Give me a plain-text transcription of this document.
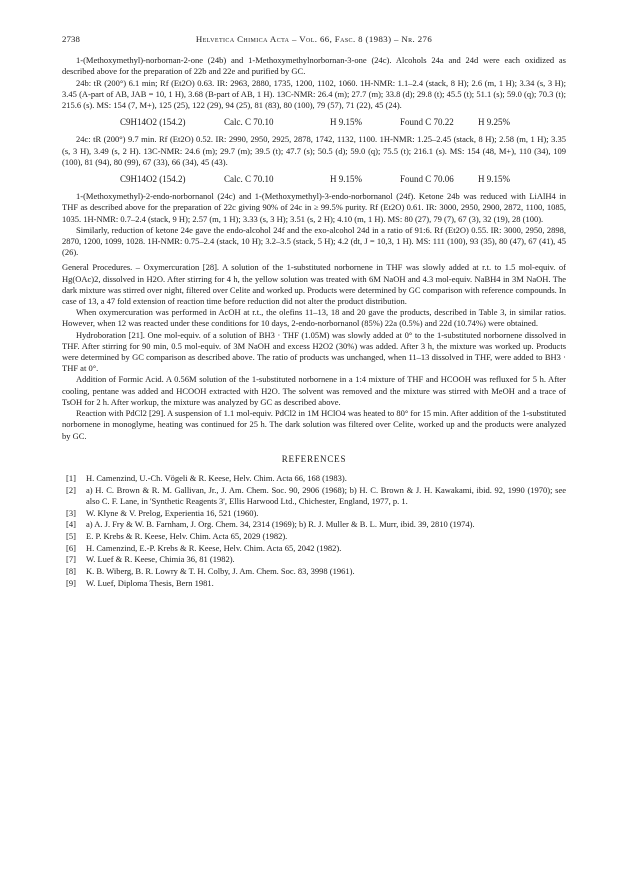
2738	Helvetica Chimica Acta – Vol. 66, Fasc. 8 (1983) – Nr. 276

1-(Methoxymethyl)-norbornan-2-one (24b) and 1-Methoxymethylnorbornan-3-one (24c). Alcohols 24a and 24d were each oxidized as described above for the preparation of 22b and 22e and purified by GC.

24b: tR (200°) 6.1 min; Rf (Et2O) 0.63. IR: 2963, 2880, 1735, 1200, 1102, 1060. 1H-NMR: 1.1–2.4 (stack, 8 H); 2.6 (m, 1 H); 3.34 (s, 3 H); 3.45 (A-part of AB, JAB = 10, 1 H), 3.68 (B-part of AB, 1 H). 13C-NMR: 26.4 (m); 27.7 (m); 33.8 (d); 29.8 (t); 45.5 (t); 51.1 (s); 59.0 (q); 70.3 (t); 215.6 (s). MS: 154 (7, M+), 125 (25), 122 (29), 94 (25), 81 (83), 80 (100), 79 (57), 71 (22), 45 (24).

C9H14O2 (154.2)	Calc. C 70.10	H 9.15%	Found C 70.22	H 9.25%

24c: tR (200°) 9.7 min. Rf (Et2O) 0.52. IR: 2990, 2950, 2925, 2878, 1742, 1132, 1100. 1H-NMR: 1.25–2.45 (stack, 8 H); 2.58 (m, 1 H); 3.35 (s, 3 H), 3.49 (s, 2 H). 13C-NMR: 24.6 (m); 29.7 (m); 39.5 (t); 47.7 (s); 50.5 (d); 59.0 (q); 75.5 (t); 216.1 (s). MS: 154 (48, M+), 110 (34), 109 (100), 81 (94), 80 (99), 67 (33), 66 (34), 45 (43).

C9H14O2 (154.2)	Calc. C 70.10	H 9.15%	Found C 70.06	H 9.15%

1-(Methoxymethyl)-2-endo-norbornanol (24c) and 1-(Methoxymethyl)-3-endo-norbornanol (24f). Ketone 24b was reduced with LiAlH4 in THF as described above for the preparation of 22c giving 90% of 24c in ≥ 99.5% purity. Rf (Et2O) 0.61. IR: 3000, 2950, 2900, 2872, 1100, 1085, 1035. 1H-NMR: 0.7–2.4 (stack, 9 H); 2.57 (m, 1 H); 3.33 (s, 3 H); 3.51 (s, 2 H); 4.10 (m, 1 H). MS: 80 (27), 79 (7), 67 (3), 32 (19), 28 (100).

Similarly, reduction of ketone 24e gave the endo-alcohol 24f and the exo-alcohol 24d in a ratio of 91:6. Rf (Et2O) 0.55. IR: 3000, 2950, 2898, 2870, 1200, 1099, 1028. 1H-NMR: 0.75–2.4 (stack, 10 H); 3.2–3.5 (stack, 5 H); 4.2 (dt, J = 10,3, 1 H). MS: 111 (100), 93 (35), 80 (47), 67 (41), 45 (26).

General Procedures. – Oxymercuration [28]. A solution of the 1-substituted norbornene in THF was slowly added at r.t. to 1.5 mol-equiv. of Hg(OAc)2, dissolved in H2O. After stirring for 4 h, the yellow solution was treated with 6M NaOH and 4.3 mol-equiv. NaBH4 in 3M NaOH. The dark mixture was stirred over night, filtered over Celite and worked up. Products were determined by GC comparison with reference compounds. In case of 13, a 47 fold extension of reaction time before reduction did not alter the product distribution.

When oxymercuration was performed in AcOH at r.t., the olefins 11–13, 18 and 20 gave the products, described in Table 3, in similar ratios. However, when 12 was reacted under these conditions for 10 days, 2-endo-norbornanol (85%) 22a (0.5%) and 22d (10.74%) were obtained.

Hydroboration [21]. One mol-equiv. of a solution of BH3 · THF (1.05M) was slowly added at 0° to the 1-substituted norbornene dissolved in THF. After stirring for 90 min, 0.5 mol-equiv. of 3M NaOH and excess H2O2 (30%) was added. After 3 h, the mixture was worked up. Products were determined by GC comparison as described above. The ratio of products was unchanged, when 11–13 dissolved in THF, were added to BH3 · THF at 0°.

Addition of Formic Acid. A 0.56M solution of the 1-substituted norbornene in a 1:4 mixture of THF and HCOOH was refluxed for 5 h. After cooling, pentane was added and HCOOH extracted with H2O. The solvent was removed and the mixture was stirred with MeOH and a trace of TsOH for 2 h. After workup, the mixture was analyzed by GC as described above.

Reaction with PdCl2 [29]. A suspension of 1.1 mol-equiv. PdCl2 in 1M HClO4 was heated to 80° for 15 min. After addition of the 1-substituted norbornene in monoglyme, heating was continued for 25 h. The dark solution was filtered over Celite, worked up and the products were analyzed by GC.

REFERENCES
[1]	H. Camenzind, U.-Ch. Vögeli & R. Keese, Helv. Chim. Acta 66, 168 (1983).
[2]	a) H. C. Brown & R. M. Gallivan, Jr., J. Am. Chem. Soc. 90, 2906 (1968); b) H. C. Brown & J. H. Kawakami, ibid. 92, 1990 (1970); see also C. F. Lane, in 'Synthetic Reagents 3', Ellis Harwood Ltd., Chichester, England, 1977, p. 1.
[3]	W. Klyne & V. Prelog, Experientia 16, 521 (1960).
[4]	a) A. J. Fry & W. B. Farnham, J. Org. Chem. 34, 2314 (1969); b) R. J. Muller & B. L. Murr, ibid. 39, 2810 (1974).
[5]	E. P. Krebs & R. Keese, Helv. Chim. Acta 65, 2029 (1982).
[6]	H. Camenzind, E.-P. Krebs & R. Keese, Helv. Chim. Acta 65, 2042 (1982).
[7]	W. Luef & R. Keese, Chimia 36, 81 (1982).
[8]	K. B. Wiberg, B. R. Lowry & T. H. Colby, J. Am. Chem. Soc. 83, 3998 (1961).
[9]	W. Luef, Diploma Thesis, Bern 1981.
